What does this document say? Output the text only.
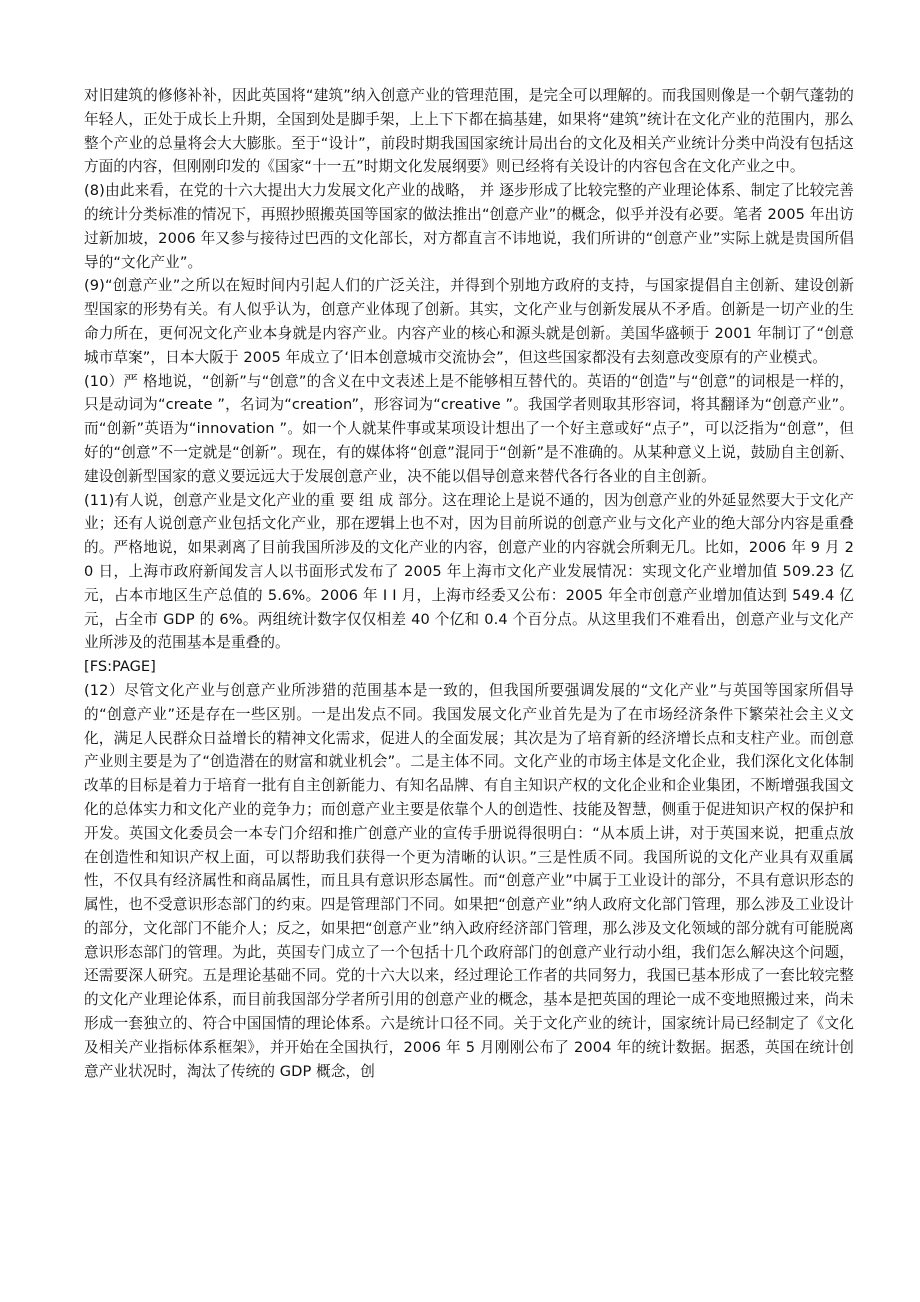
对旧建筑的修修补补，因此英国将“建筑”纳入创意产业的管理范围，是完全可以理解的。而我国则像是一个朝气蓬勃的年轻人，正处于成长上升期，全国到处是脚手架，上上下下都在搞基建，如果将“建筑”统计在文化产业的范围内，那么整个产业的总量将会大大膨胀。至于“设计”，前段时期我国国家统计局出台的文化及相关产业统计分类中尚没有包括这方面的内容，但刚刚印发的《国家“十一五”时期文化发展纲要》则已经将有关设计的内容包含在文化产业之中。

(8)由此来看，在党的十六大提出大力发展文化产业的战略， 并 逐步形成了比较完整的产业理论体系、制定了比较完善的统计分类标准的情况下，再照抄照搬英国等国家的做法推出“创意产业”的概念，似乎并没有必要。笔者 2005 年出访过新加坡，2006 年又参与接待过巴西的文化部长，对方都直言不讳地说，我们所讲的“创意产业”实际上就是贵国所倡导的“文化产业”。

(9)“创意产业”之所以在短时间内引起人们的广泛关注，并得到个别地方政府的支持，与国家提倡自主创新、建设创新型国家的形势有关。有人似乎认为，创意产业体现了创新。其实，文化产业与创新发展从不矛盾。创新是一切产业的生命力所在，更何况文化产业本身就是内容产业。内容产业的核心和源头就是创新。美国华盛顿于 2001 年制订了“创意城市草案”，日本大阪于 2005 年成立了‘旧本创意城市交流协会”，但这些国家都没有去刻意改变原有的产业模式。

(10）严 格地说，“创新”与“创意”的含义在中文表述上是不能够相互替代的。英语的“创造”与“创意”的词根是一样的，只是动词为“create ”，名词为“creation”，形容词为“creative ”。我国学者则取其形容词，将其翻译为“创意产业”。而“创新”英语为“innovation ”。如一个人就某件事或某项设计想出了一个好主意或好“点子”，可以泛指为“创意”，但好的“创意”不一定就是“创新”。现在，有的媒体将“创意”混同于“创新”是不准确的。从某种意义上说，鼓励自主创新、建设创新型国家的意义要远远大于发展创意产业，决不能以倡导创意来替代各行各业的自主创新。

(11)有人说，创意产业是文化产业的重 要 组 成 部分。这在理论上是说不通的，因为创意产业的外延显然要大于文化产业；还有人说创意产业包括文化产业，那在逻辑上也不对，因为目前所说的创意产业与文化产业的绝大部分内容是重叠的。严格地说，如果剥离了目前我国所涉及的文化产业的内容，创意产业的内容就会所剩无几。比如，2006 年 9 月 20 日，上海市政府新闻发言人以书面形式发布了 2005 年上海市文化产业发展情况：实现文化产业增加值 509.23 亿元，占本市地区生产总值的 5.6%。2006 年 I I 月，上海市经委又公布：2005 年全市创意产业增加值达到 549.4 亿元，占全市 GDP 的 6%。两组统计数字仅仅相差 40 个亿和 0.4 个百分点。从这里我们不难看出，创意产业与文化产业所涉及的范围基本是重叠的。

[FS:PAGE]

(12）尽管文化产业与创意产业所涉猎的范围基本是一致的，但我国所要强调发展的“文化产业”与英国等国家所倡导的“创意产业”还是存在一些区别。一是出发点不同。我国发展文化产业首先是为了在市场经济条件下繁荣社会主义文化，满足人民群众日益增长的精神文化需求，促进人的全面发展；其次是为了培育新的经济增长点和支柱产业。而创意产业则主要是为了“创造潜在的财富和就业机会”。二是主体不同。文化产业的市场主体是文化企业，我们深化文化体制改革的目标是着力于培育一批有自主创新能力、有知名品牌、有自主知识产权的文化企业和企业集团，不断增强我国文化的总体实力和文化产业的竞争力；而创意产业主要是依靠个人的创造性、技能及智慧，侧重于促进知识产权的保护和开发。英国文化委员会一本专门介绍和推广创意产业的宣传手册说得很明白：“从本质上讲，对于英国来说，把重点放在创造性和知识产权上面，可以帮助我们获得一个更为清晰的认识。”三是性质不同。我国所说的文化产业具有双重属性，不仅具有经济属性和商品属性，而且具有意识形态属性。而“创意产业”中属于工业设计的部分，不具有意识形态的属性，也不受意识形态部门的约束。四是管理部门不同。如果把“创意产业”纳人政府文化部门管理，那么涉及工业设计的部分，文化部门不能介人；反之，如果把“创意产业”纳入政府经济部门管理，那么涉及文化领域的部分就有可能脱离意识形态部门的管理。为此，英国专门成立了一个包括十几个政府部门的创意产业行动小组，我们怎么解决这个问题，还需要深人研究。五是理论基础不同。党的十六大以来，经过理论工作者的共同努力，我国已基本形成了一套比较完整的文化产业理论体系，而目前我国部分学者所引用的创意产业的概念，基本是把英国的理论一成不变地照搬过来，尚未形成一套独立的、符合中国国情的理论体系。六是统计口径不同。关于文化产业的统计，国家统计局已经制定了《文化及相关产业指标体系框架》，并开始在全国执行，2006 年 5 月刚刚公布了 2004 年的统计数据。据悉，英国在统计创意产业状况时，淘汰了传统的 GDP 概念，创
